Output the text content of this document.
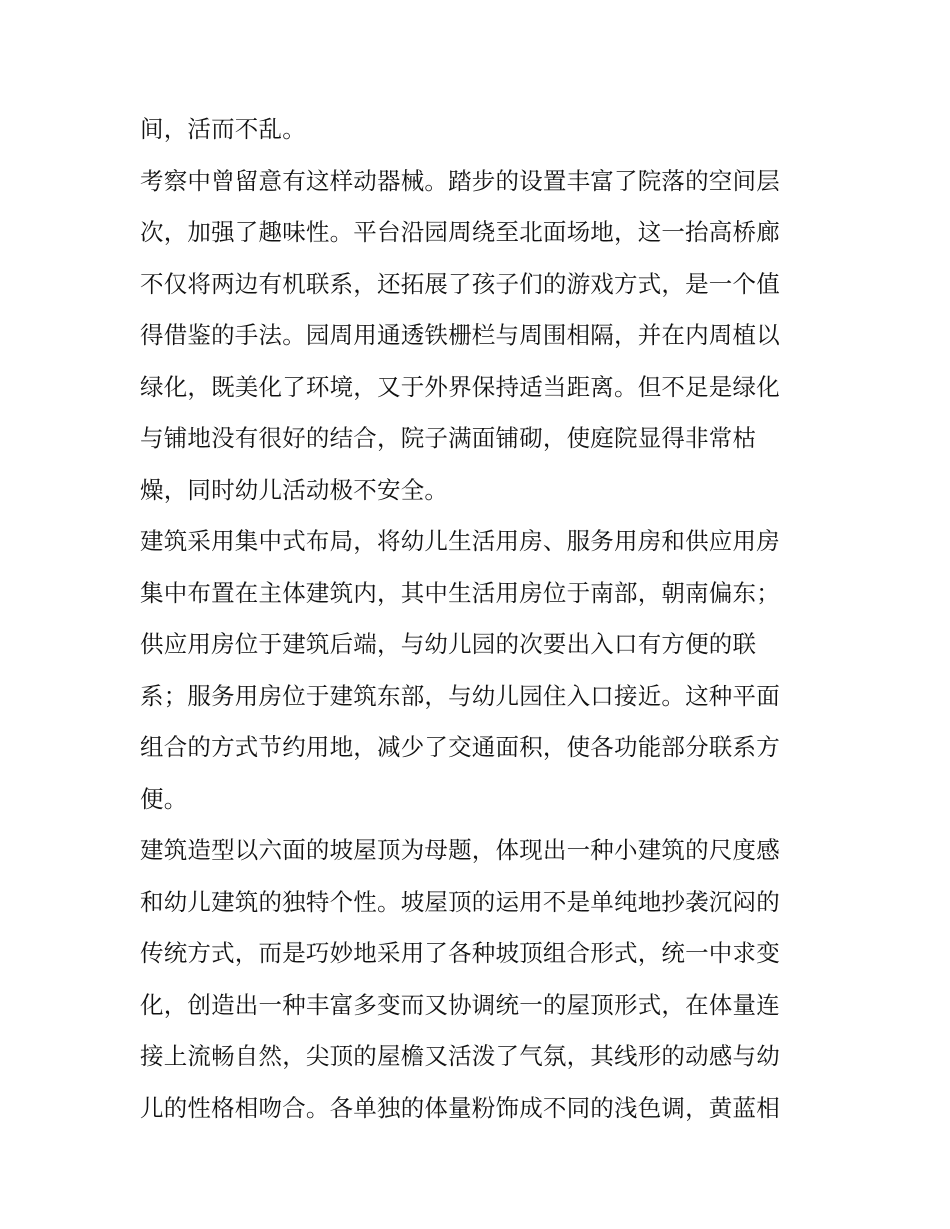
间，活而不乱。
考察中曾留意有这样动器械。踏步的设置丰富了院落的空间层
次，加强了趣味性。平台沿园周绕至北面场地，这一抬高桥廊
不仅将两边有机联系，还拓展了孩子们的游戏方式，是一个值
得借鉴的手法。园周用通透铁栅栏与周围相隔，并在内周植以
绿化，既美化了环境，又于外界保持适当距离。但不足是绿化
与铺地没有很好的结合，院子满面铺砌，使庭院显得非常枯
燥，同时幼儿活动极不安全。
建筑采用集中式布局，将幼儿生活用房、服务用房和供应用房
集中布置在主体建筑内，其中生活用房位于南部，朝南偏东；
供应用房位于建筑后端，与幼儿园的次要出入口有方便的联
系；服务用房位于建筑东部，与幼儿园住入口接近。这种平面
组合的方式节约用地，减少了交通面积，使各功能部分联系方
便。
建筑造型以六面的坡屋顶为母题，体现出一种小建筑的尺度感
和幼儿建筑的独特个性。坡屋顶的运用不是单纯地抄袭沉闷的
传统方式，而是巧妙地采用了各种坡顶组合形式，统一中求变
化，创造出一种丰富多变而又协调统一的屋顶形式，在体量连
接上流畅自然，尖顶的屋檐又活泼了气氛，其线形的动感与幼
儿的性格相吻合。各单独的体量粉饰成不同的浅色调，黄蓝相
